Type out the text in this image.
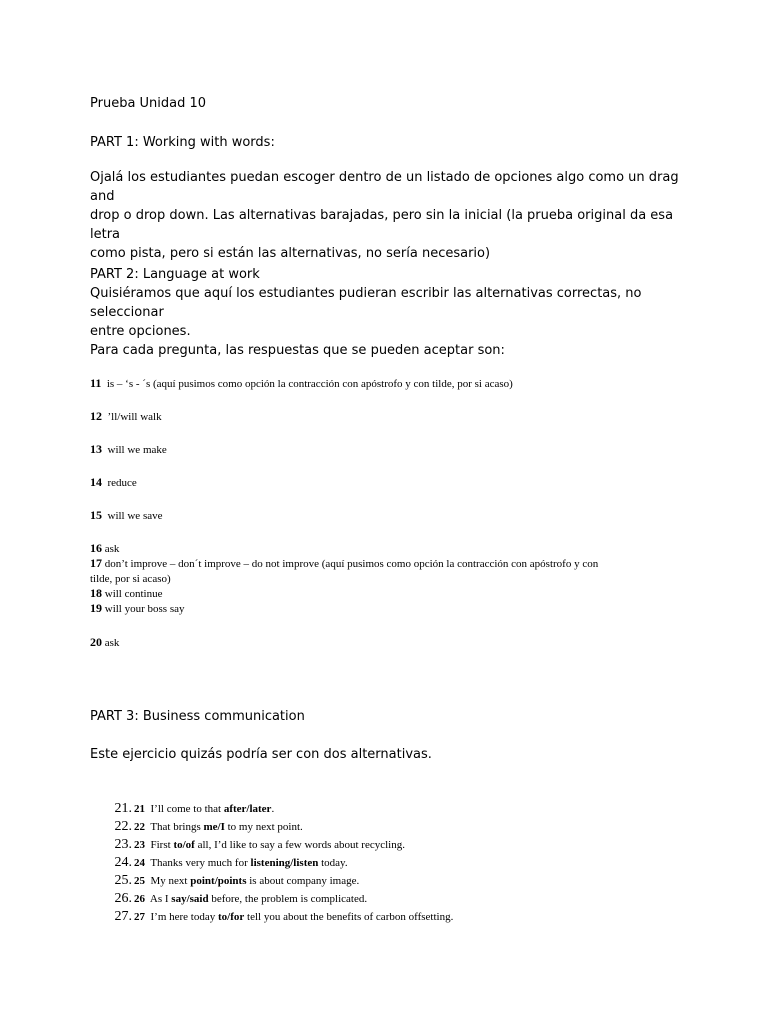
Prueba Unidad 10
PART 1: Working with words:
Ojalá los estudiantes puedan escoger dentro de un listado de opciones algo como un drag and
drop o drop down. Las alternativas barajadas, pero sin la inicial (la prueba original da esa letra
como pista, pero si están las alternativas, no sería necesario)
PART 2: Language at work
Quisiéramos que aquí los estudiantes pudieran escribir las alternativas correctas, no seleccionar
entre opciones.
Para cada pregunta, las respuestas que se pueden aceptar son:
11 is – ‘s - ´s (aquí pusimos como opción la contracción con apóstrofo y con tilde, por si acaso)
12 ’ll/will walk
13 will we make
14 reduce
15 will we save
16 ask
17 don’t improve – don´t improve – do not improve (aquí pusimos como opción la contracción con apóstrofo y con
tilde, por si acaso)
18 will continue
19 will your boss say
20 ask
PART 3: Business communication
Este ejercicio quizás podría ser con dos alternativas.
21. 21 I’ll come to that after/later.
22. 22 That brings me/I to my next point.
23. 23 First to/of all, I’d like to say a few words about recycling.
24. 24 Thanks very much for listening/listen today.
25. 25 My next point/points is about company image.
26. 26 As I say/said before, the problem is complicated.
27. 27 I’m here today to/for tell you about the benefits of carbon offsetting.
